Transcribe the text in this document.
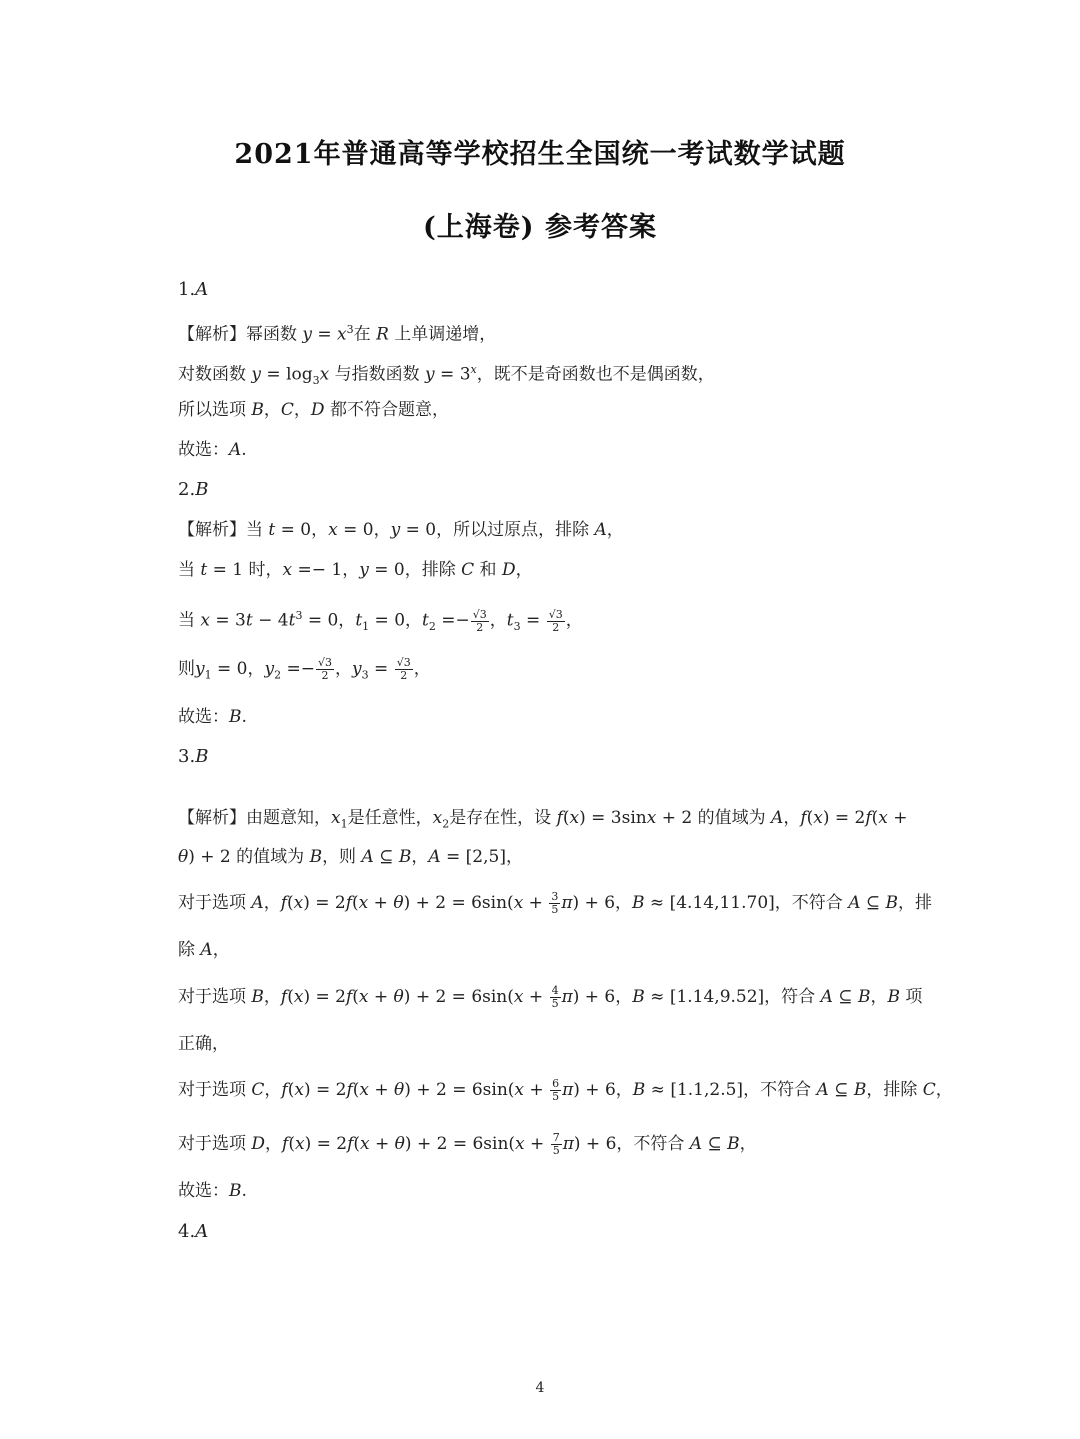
2021年普通高等学校招生全国统一考试数学试题
(上海卷) 参考答案
1.A
【解析】幂函数 $y = x^3$在 R 上单调递增，
对数函数 $y = \log_3x$ 与指数函数 $y = 3^x$，既不是奇函数也不是偶函数，
所以选项 B，C，D 都不符合题意，
故选：A.
2.B
【解析】当 t = 0，x = 0，y = 0，所以过原点，排除 A，
当 t = 1 时，x =− 1，y = 0，排除 C 和 D，
当 $x = 3t - 4t^3 = 0$，$t_1 = 0$，$t_2 =- \frac{√3}{2}$ ，$t_3 = \frac{√3}{2}$ ，
则$y_1 = 0$，$y_2 =- \frac{√3}{2}$ ，$y_3 = \frac{√3}{2}$ ，
故选：B.
3.B
【解析】由题意知，$x_1$是任意性，$x_2$是存在性，设 f(x) = 3sinx + 2 的值域为 A，f(x) = 2f(x +
θ) + 2 的值域为 B，则 A ⊆ B，A = [2,5]，
对于选项 A，$f(x) = 2f(x + \theta) + 2 = 6\sin(x + \frac{3}{5} \pi) + 6$，B ≈ [4.14,11.70]，不符合 A ⊆ B，排
除 A，
对于选项 B，$f(x) = 2f(x + \theta) + 2 = 6\sin(x + \frac{4}{5} \pi) + 6$，B ≈ [1.14,9.52]，符合 A ⊆ B，B 项
正确，
对于选项 C，$f(x) = 2f(x + \theta) + 2 = 6\sin(x + \frac{6}{5} \pi) + 6$，B ≈ [1.1,2.5]，不符合 A ⊆ B，排除 C，
对于选项 D，$f(x) = 2f(x + \theta) + 2 = 6\sin(x + \frac{7}{5} \pi) + 6$，不符合 A ⊆ B，
故选：B.
4.A
4
